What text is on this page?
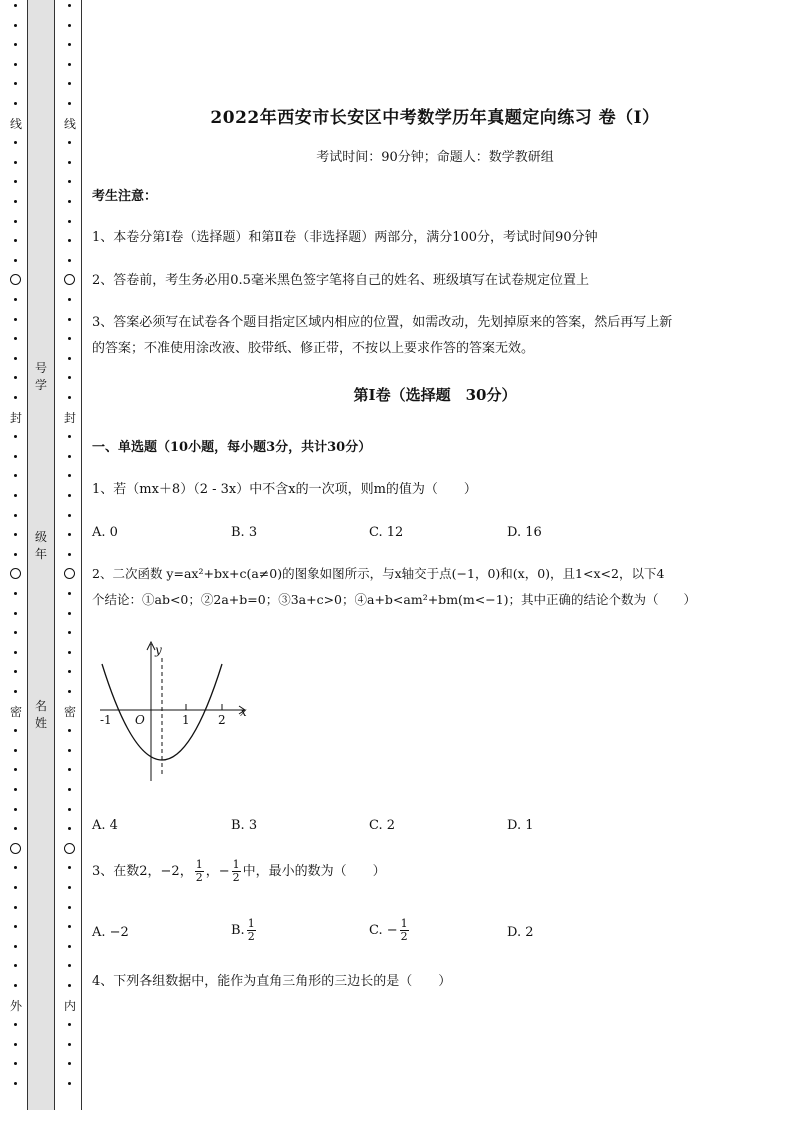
线
封
密
外
线
封
密
内
号学
级年
名姓
2022年西安市长安区中考数学历年真题定向练习 卷（Ⅰ）
考试时间：90分钟；命题人：数学教研组
考生注意：
1、本卷分第Ⅰ卷（选择题）和第Ⅱ卷（非选择题）两部分，满分100分，考试时间90分钟
2、答卷前，考生务必用0.5毫米黑色签字笔将自己的姓名、班级填写在试卷规定位置上
3、答案必须写在试卷各个题目指定区域内相应的位置，如需改动，先划掉原来的答案，然后再写上新
的答案；不准使用涂改液、胶带纸、修正带，不按以上要求作答的答案无效。
第Ⅰ卷（选择题　30分）
一、单选题（10小题，每小题3分，共计30分）
1、若（mx＋8）（2 - 3x）中不含x的一次项，则m的值为（　　）
A. 0	B. 3	C. 12	D. 16
2、二次函数 y=ax²+bx+c(a≠0)的图象如图所示，与x轴交于点(−1，0)和(x，0)，且1<x<2，以下4
个结论：①ab<0；②2a+b=0；③3a+c>0；④a+b<am²+bm(m<−1)；其中正确的结论个数为（　　）
A. 4	B. 3	C. 2	D. 1
3、在数2，−2， $\frac{1}{2}$ ，− $\frac{1}{2}$ 中，最小的数为（　　）
A. −2	B. $\frac{1}{2}$	C. − $\frac{1}{2}$	D. 2
4、下列各组数据中，能作为直角三角形的三边长的是（　　）
y
x
O
-1	1 2
